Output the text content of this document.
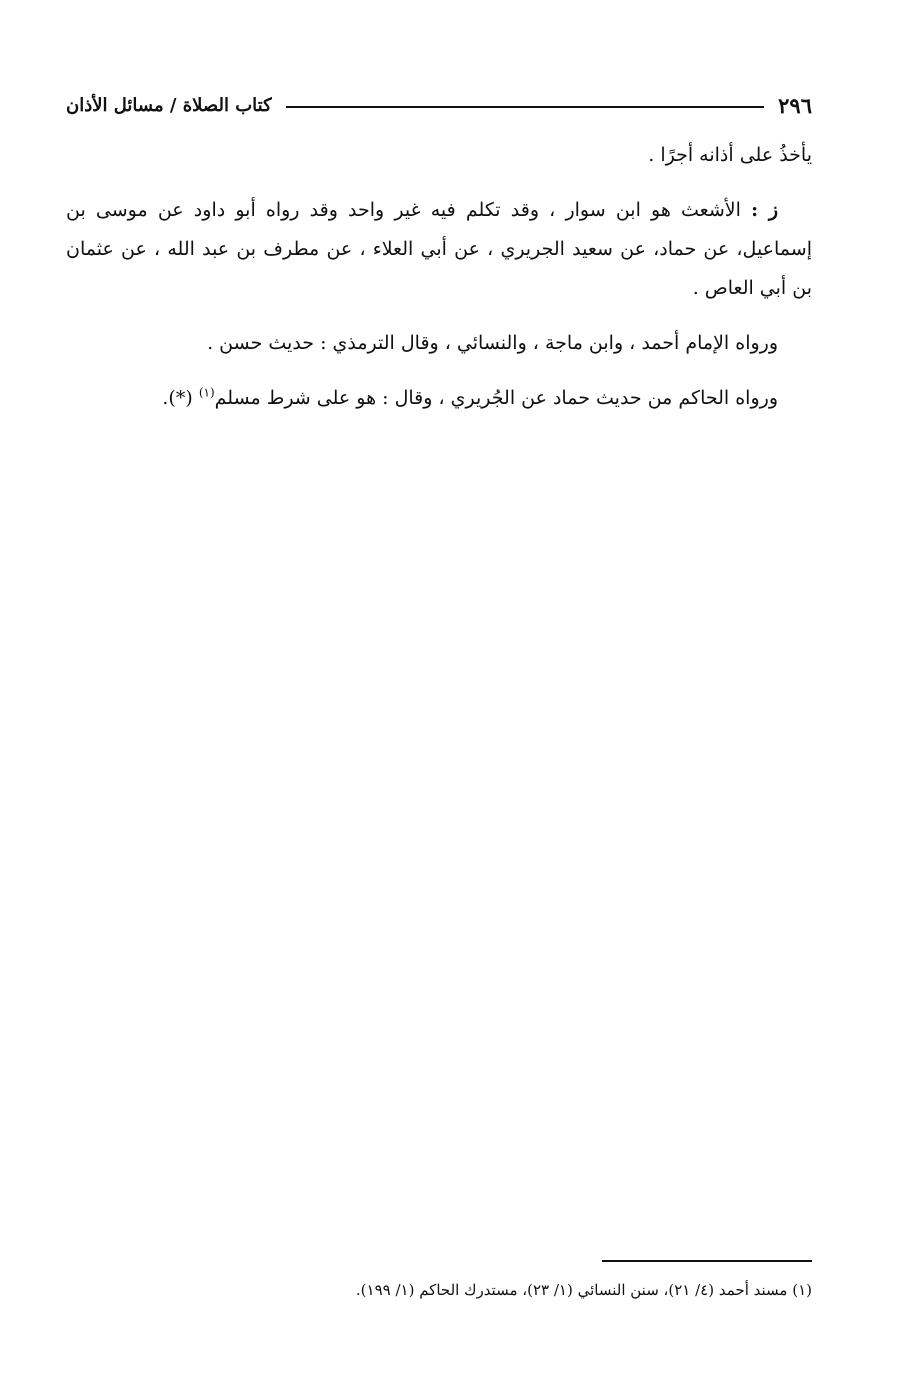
٢٩٦
كتاب الصلاة / مسائل الأذان

يأخذُ على أذانه أجرًا .

ز : الأشعث هو ابن سوار ، وقد تكلم فيه غير واحد وقد رواه أبو داود عن موسى بن إسماعيل، عن حماد، عن سعيد الجريري ، عن أبي العلاء ، عن مطرف بن عبد الله ، عن عثمان بن أبي العاص .

ورواه الإمام أحمد ، وابن ماجة ، والنسائي ، وقال الترمذي : حديث حسن .

ورواه الحاكم من حديث حماد عن الجُريري ، وقال : هو على شرط مسلم$^{(١)}$ (*).

(١) مسند أحمد (٤/ ٢١)، سنن النسائي (١/ ٢٣)، مستدرك الحاكم (١/ ١٩٩).
